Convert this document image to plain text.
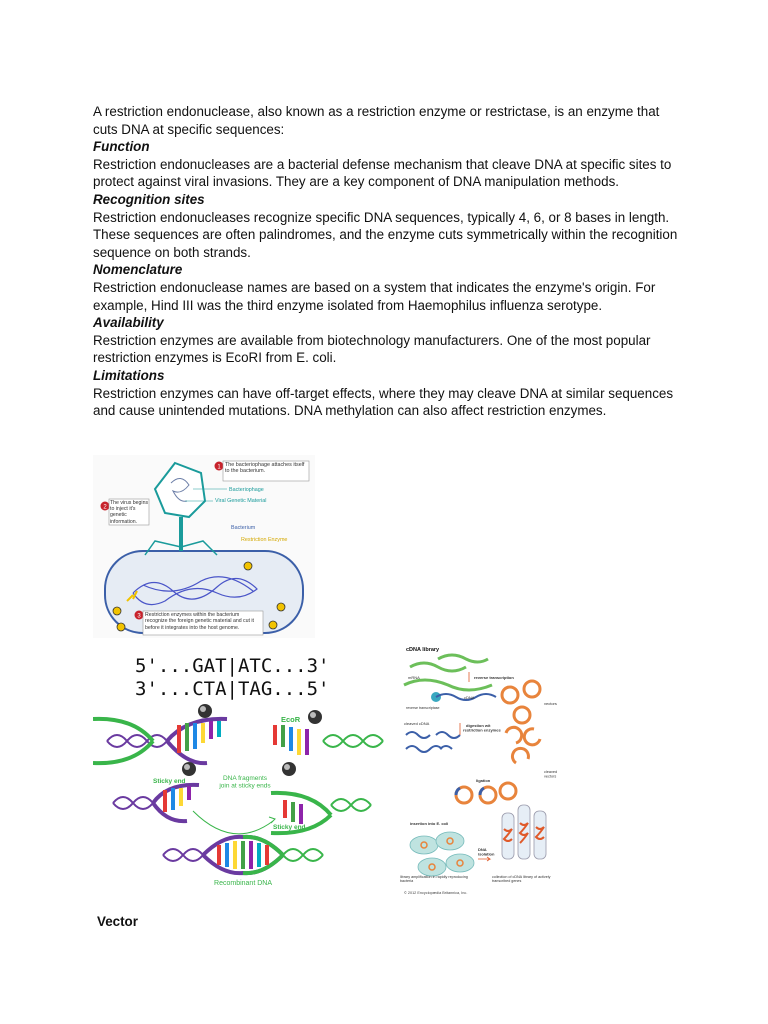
A restriction endonuclease, also known as a restriction enzyme or restrictase, is an enzyme that cuts DNA at specific sequences:

Function

Restriction endonucleases are a bacterial defense mechanism that cleave DNA at specific sites to protect against viral invasions. They are a key component of DNA manipulation methods.

Recognition sites

Restriction endonucleases recognize specific DNA sequences, typically 4, 6, or 8 bases in length. These sequences are often palindromes, and the enzyme cuts symmetrically within the recognition sequence on both strands.

Nomenclature

Restriction endonuclease names are based on a system that indicates the enzyme's origin. For example, Hind III was the third enzyme isolated from Haemophilus influenza serotype.

Availability

Restriction enzymes are available from biotechnology manufacturers. One of the most popular restriction enzymes is EcoRI from E. coli.

Limitations

Restriction enzymes can have off-target effects, where they may cleave DNA at similar sequences and cause unintended mutations. DNA methylation can also affect restriction enzymes.

1 The bacteriophage attaches itself to the bacterium.
Bacteriophage
Viral Genetic Material
Bacterium
Restriction Enzyme
2
The virus begins to inject it's genetic information.
3 Restriction enzymes within the bacterium recognize the foreign genetic material and cut it before it integrates into the host genome.
5'...GAT|ATC...3'
3'...CTA|TAG...5'
EcoR
DNA fragments join at sticky ends
Sticky end
Sticky end
Recombinant DNA
cDNA library
mRNA	reverse transcription
reverse transcriptase
cDNA
vectors
cleaved cDNA	digestion wit restriction enzymes
cleaved vectors
ligation
insertion into E. coli
DNA isolation
library amplification in rapidly reproducing bacteria
collection of cDNA library of actively transcribed genes
© 2012 Encyclopædia Britannica, Inc.
Vector
